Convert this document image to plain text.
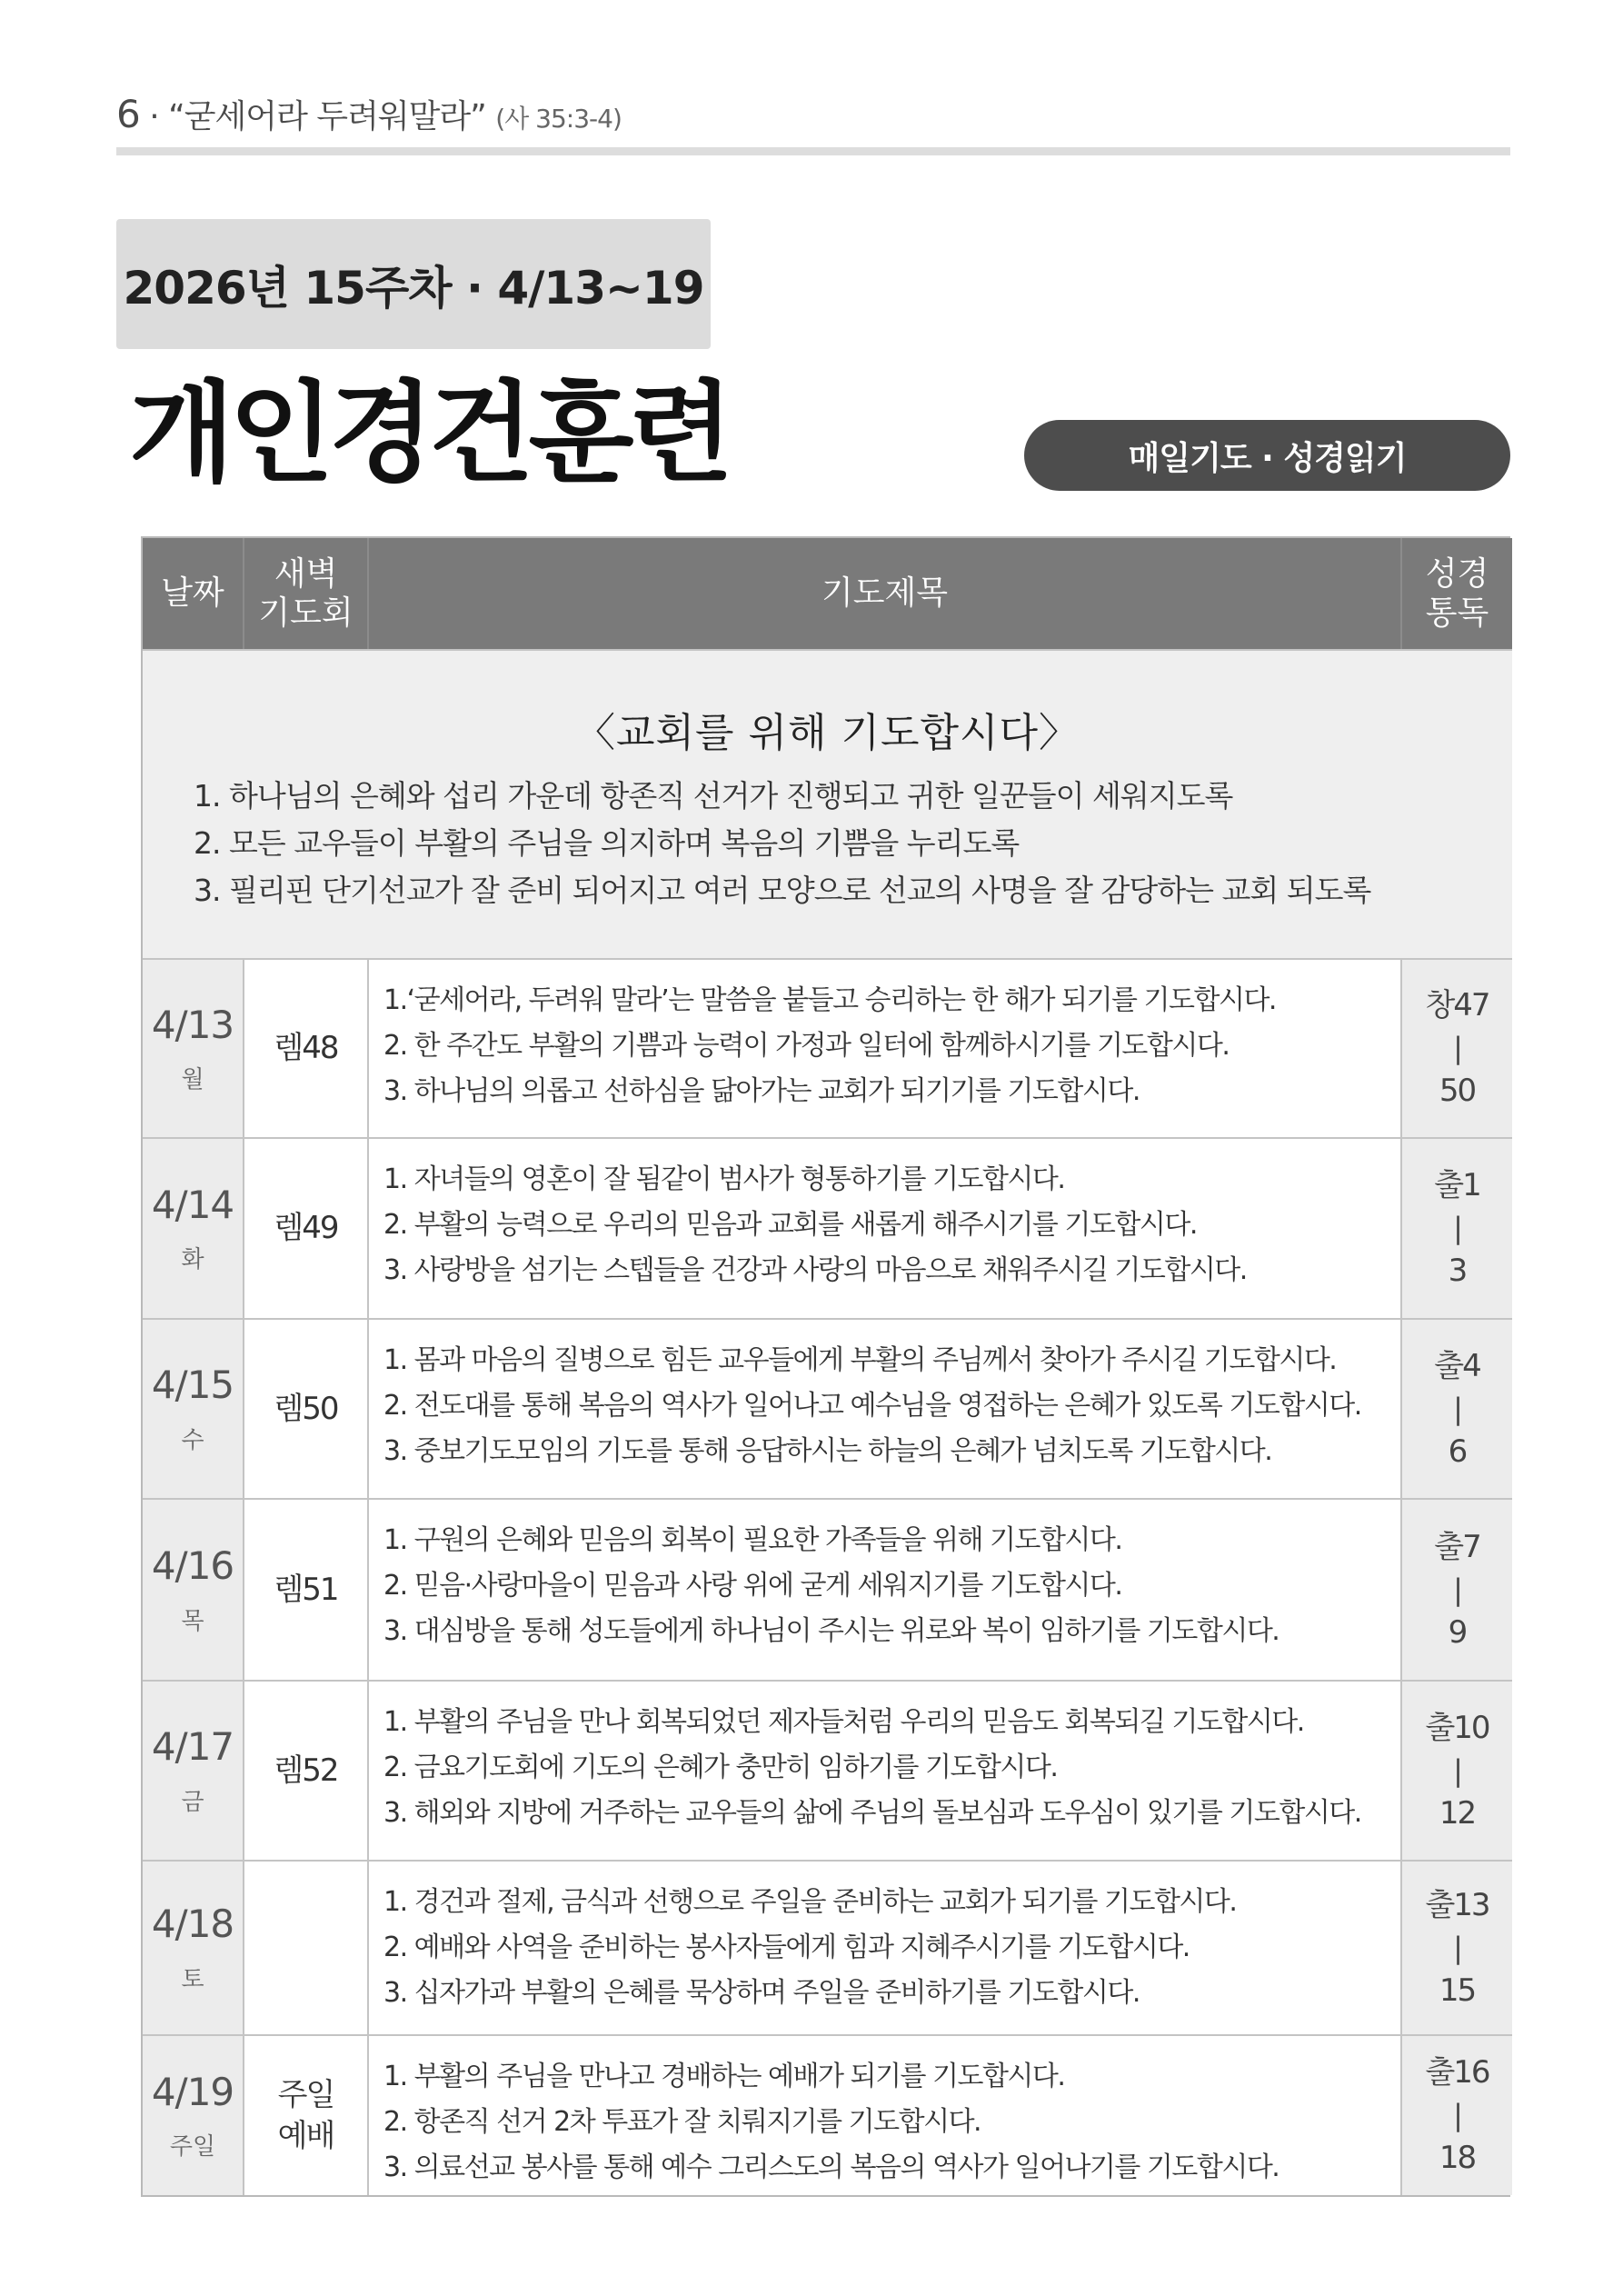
6 · “굳세어라 두려워말라” (사 35:3-4)
2026년 15주차 · 4/13~19
개인경건훈련	매일기도 · 성경읽기
날짜
새벽
기도회
기도제목
성경
통독
〈교회를 위해 기도합시다〉
1. 하나님의 은혜와 섭리 가운데 항존직 선거가 진행되고 귀한 일꾼들이 세워지도록
2. 모든 교우들이 부활의 주님을 의지하며 복음의 기쁨을 누리도록
3. 필리핀 단기선교가 잘 준비 되어지고 여러 모양으로 선교의 사명을 잘 감당하는 교회 되도록
4/13
월
렘48
1.‘굳세어라, 두려워 말라’는 말씀을 붙들고 승리하는 한 해가 되기를 기도합시다.
2. 한 주간도 부활의 기쁨과 능력이 가정과 일터에 함께하시기를 기도합시다.
3. 하나님의 의롭고 선하심을 닮아가는 교회가 되기기를 기도합시다.
창47
|
50
4/14
화
렘49
1. 자녀들의 영혼이 잘 됨같이 범사가 형통하기를 기도합시다.
2. 부활의 능력으로 우리의 믿음과 교회를 새롭게 해주시기를 기도합시다.
3. 사랑방을 섬기는 스텝들을 건강과 사랑의 마음으로 채워주시길 기도합시다.
출1
|
3
4/15
수
렘50
1. 몸과 마음의 질병으로 힘든 교우들에게 부활의 주님께서 찾아가 주시길 기도합시다.
2. 전도대를 통해 복음의 역사가 일어나고 예수님을 영접하는 은혜가 있도록 기도합시다.
3. 중보기도모임의 기도를 통해 응답하시는 하늘의 은혜가 넘치도록 기도합시다.
출4
|
6
4/16
목
렘51
1. 구원의 은혜와 믿음의 회복이 필요한 가족들을 위해 기도합시다.
2. 믿음·사랑마을이 믿음과 사랑 위에 굳게 세워지기를 기도합시다.
3. 대심방을 통해 성도들에게 하나님이 주시는 위로와 복이 임하기를 기도합시다.
출7
|
9
4/17
금
렘52
1. 부활의 주님을 만나 회복되었던 제자들처럼 우리의 믿음도 회복되길 기도합시다.
2. 금요기도회에 기도의 은혜가 충만히 임하기를 기도합시다.
3. 해외와 지방에 거주하는 교우들의 삶에 주님의 돌보심과 도우심이 있기를 기도합시다.
출10
|
12
4/18
토
1. 경건과 절제, 금식과 선행으로 주일을 준비하는 교회가 되기를 기도합시다.
2. 예배와 사역을 준비하는 봉사자들에게 힘과 지혜주시기를 기도합시다.
3. 십자가과 부활의 은혜를 묵상하며 주일을 준비하기를 기도합시다.
출13
|
15
4/19
주일
주일
예배
1. 부활의 주님을 만나고 경배하는 예배가 되기를 기도합시다.
2. 항존직 선거 2차 투표가 잘 치뤄지기를 기도합시다.
3. 의료선교 봉사를 통해 예수 그리스도의 복음의 역사가 일어나기를 기도합시다.
출16
|
18
